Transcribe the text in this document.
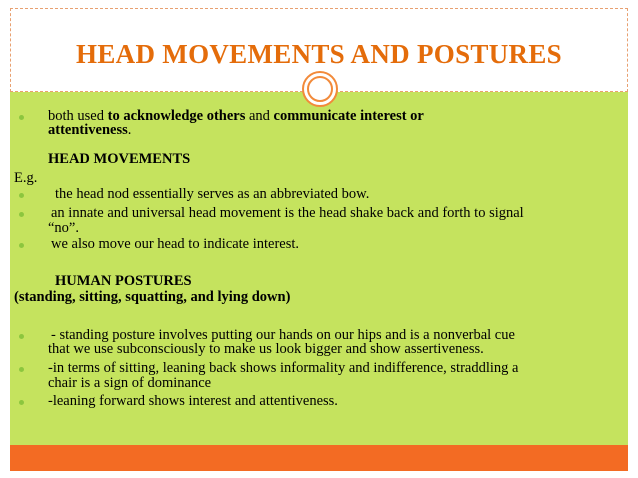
HEAD MOVEMENTS AND POSTURES
both used to acknowledge others and communicate interest or
attentiveness.
HEAD MOVEMENTS
E.g.
the head nod essentially serves as an abbreviated bow.
an innate and universal head movement is the head shake back and forth to signal
“no”.
we also move our head to indicate interest.
HUMAN POSTURES
(standing, sitting, squatting, and lying down)
- standing posture involves putting our hands on our hips and is a nonverbal cue
that we use subconsciously to make us look bigger and show assertiveness.
-in terms of sitting, leaning back shows informality and indifference, straddling a
chair is a sign of dominance
-leaning forward shows interest and attentiveness.
